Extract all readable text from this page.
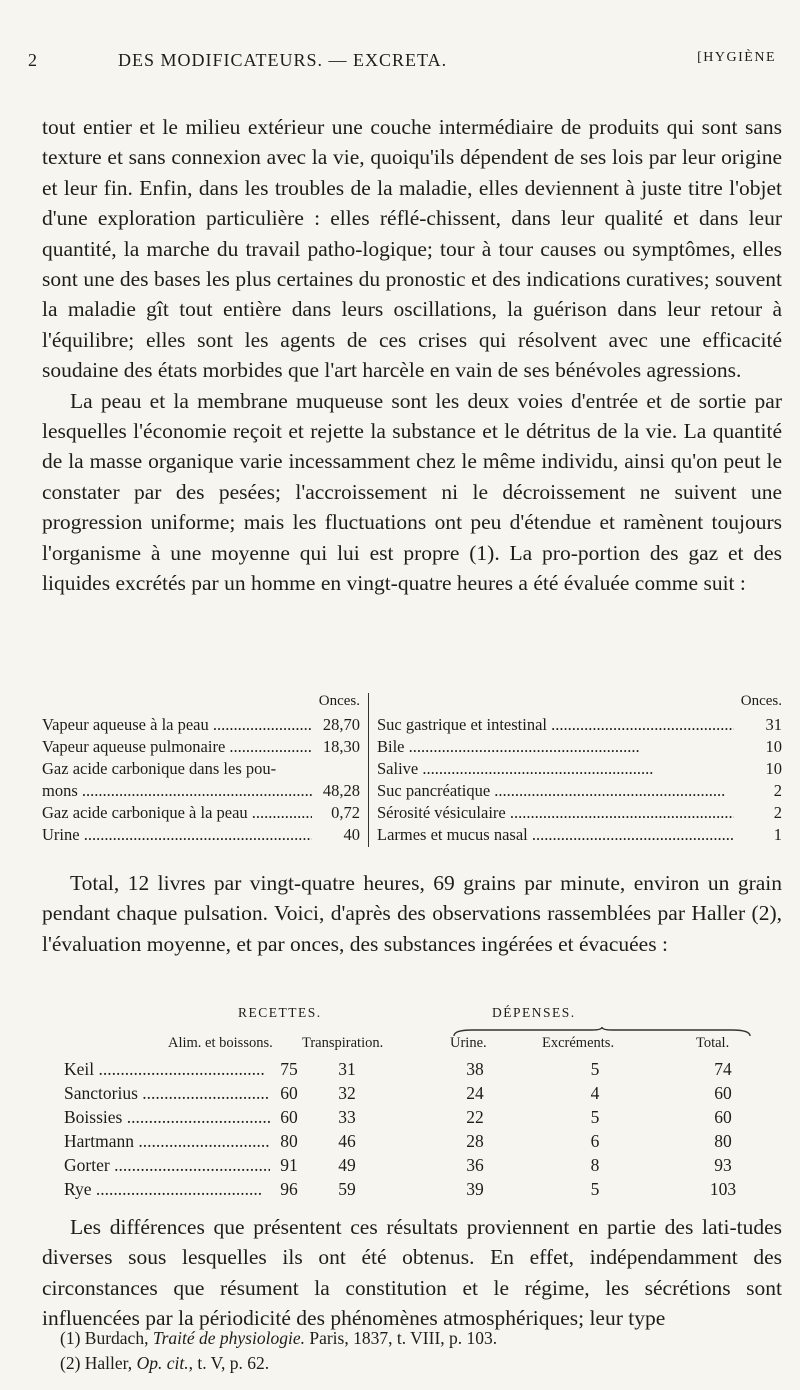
2	DES MODIFICATEURS. — EXCRETA.	[HYGIÈNE

tout entier et le milieu extérieur une couche intermédiaire de produits qui sont sans texture et sans connexion avec la vie, quoiqu'ils dépendent de ses lois par leur origine et leur fin. Enfin, dans les troubles de la maladie, elles deviennent à juste titre l'objet d'une exploration particulière : elles réflé-chissent, dans leur qualité et dans leur quantité, la marche du travail patho-logique; tour à tour causes ou symptômes, elles sont une des bases les plus certaines du pronostic et des indications curatives; souvent la maladie gît tout entière dans leurs oscillations, la guérison dans leur retour à l'équilibre; elles sont les agents de ces crises qui résolvent avec une efficacité soudaine des états morbides que l'art harcèle en vain de ses bénévoles agressions.

La peau et la membrane muqueuse sont les deux voies d'entrée et de sortie par lesquelles l'économie reçoit et rejette la substance et le détritus de la vie. La quantité de la masse organique varie incessamment chez le même individu, ainsi qu'on peut le constater par des pesées; l'accroissement ni le décroissement ne suivent une progression uniforme; mais les fluctuations ont peu d'étendue et ramènent toujours l'organisme à une moyenne qui lui est propre (1). La pro-portion des gaz et des liquides excrétés par un homme en vingt-quatre heures a été évaluée comme suit :

Onces.
Vapeur aqueuse à la peau .....	28,70
Vapeur aqueuse pulmonaire .....	18,30
Gaz acide carbonique dans les pou-
mons .....	48,28
Gaz acide carbonique à la peau .....	0,72
Urine .....	40
Onces.
Suc gastrique et intestinal .....	31
Bile .....	10
Salive .....	10
Suc pancréatique .....	2
Sérosité vésiculaire .....	2
Larmes et mucus nasal .....	1

Total, 12 livres par vingt-quatre heures, 69 grains par minute, environ un grain pendant chaque pulsation. Voici, d'après des observations rassemblées par Haller (2), l'évaluation moyenne, et par onces, des substances ingérées et évacuées :

RECETTES.	DÉPENSES.
Alim. et boissons. Transpiration.	Urine.	Excréments.	Total.
Keil .....	75	31	38	5	74
Sanctorius .....	60	32	24	4	60
Boissies .....	60	33	22	5	60
Hartmann .....	80	46	28	6	80
Gorter .....	91	49	36	8	93
Rye .....	96	59	39	5	103

Les différences que présentent ces résultats proviennent en partie des lati-tudes diverses sous lesquelles ils ont été obtenus. En effet, indépendamment des circonstances que résument la constitution et le régime, les sécrétions sont influencées par la périodicité des phénomènes atmosphériques; leur type

(1) Burdach, Traité de physiologie. Paris, 1837, t. VIII, p. 103.
(2) Haller, Op. cit., t. V, p. 62.
